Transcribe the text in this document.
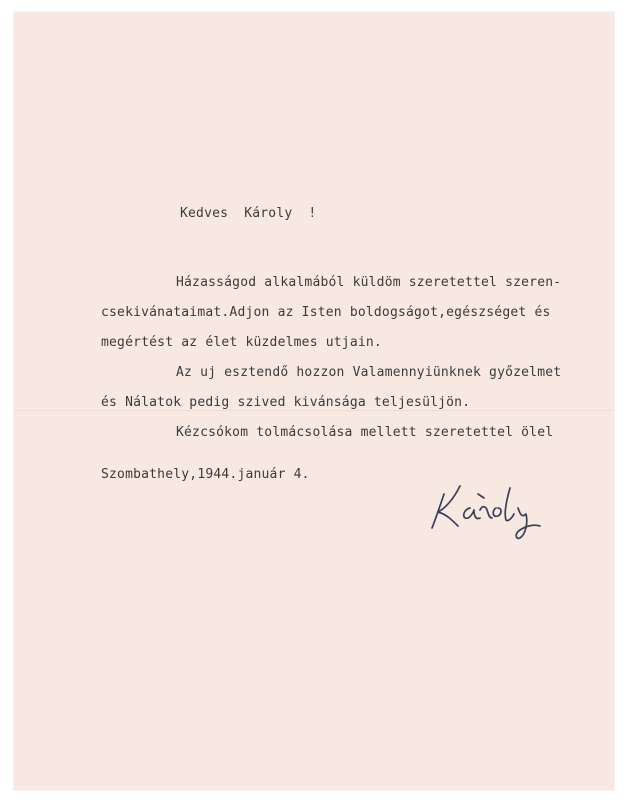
Kedves  Károly  !
Házasságod alkalmából küldöm szeretettel szeren-
csekivánataimat.Adjon az Isten boldogságot,egészséget és
megértést az élet küzdelmes utjain.
Az uj esztendő hozzon Valamennyiünknek győzelmet
és Nálatok pedig szived kivánsága teljesüljön.
Kézcsókom tolmácsolása mellett szeretettel ölel
Szombathely,1944.január 4.
